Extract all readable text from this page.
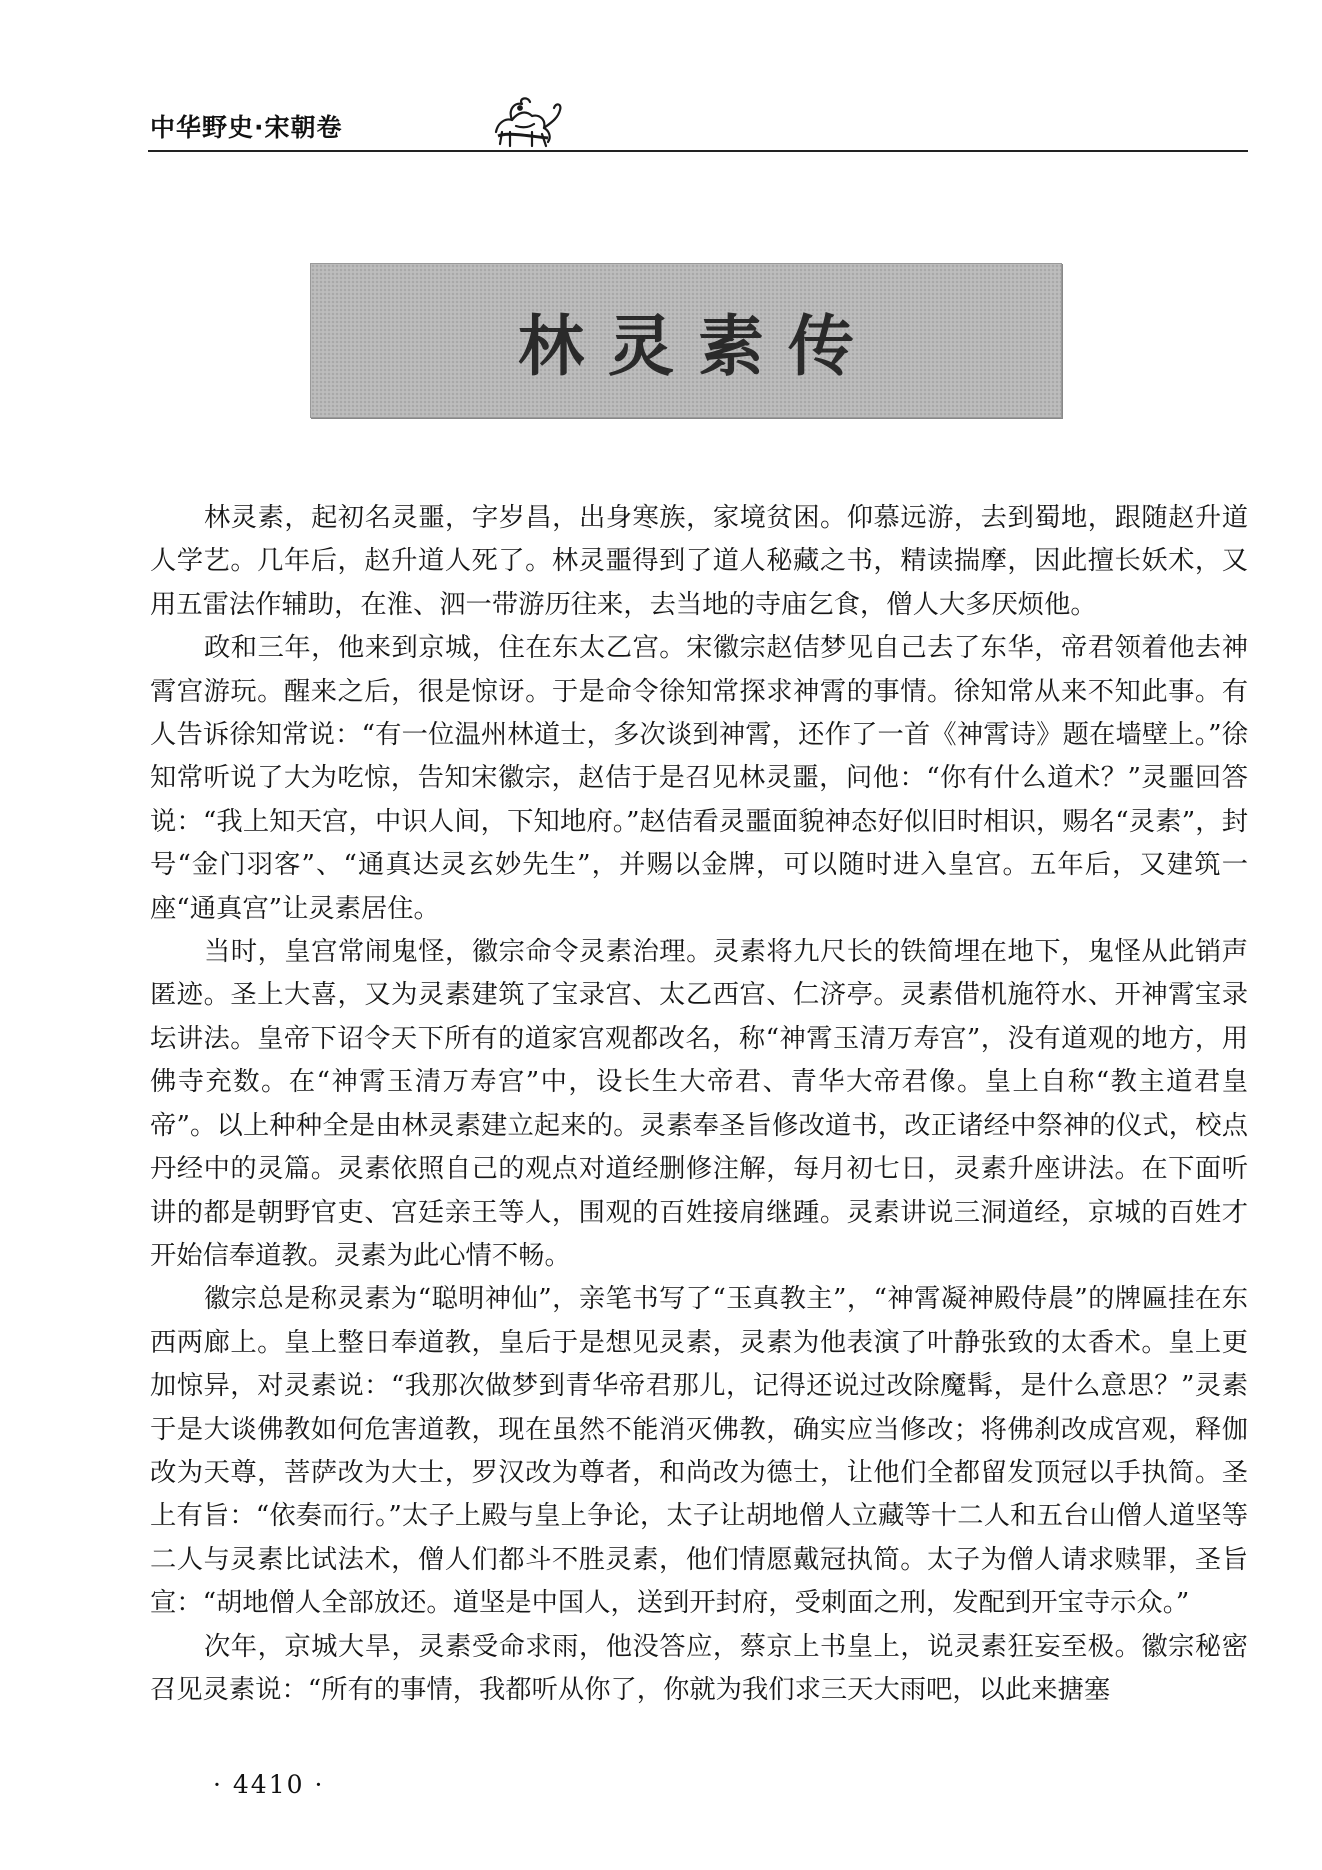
中华野史·宋朝卷
林灵素传

林灵素，起初名灵噩，字岁昌，出身寒族，家境贫困。仰慕远游，去到蜀地，跟随赵升道人学艺。几年后，赵升道人死了。林灵噩得到了道人秘藏之书，精读揣摩，因此擅长妖术，又用五雷法作辅助，在淮、泗一带游历往来，去当地的寺庙乞食，僧人大多厌烦他。

政和三年，他来到京城，住在东太乙宫。宋徽宗赵佶梦见自己去了东华，帝君领着他去神霄宫游玩。醒来之后，很是惊讶。于是命令徐知常探求神霄的事情。徐知常从来不知此事。有人告诉徐知常说：“有一位温州林道士，多次谈到神霄，还作了一首《神霄诗》题在墙壁上。”徐知常听说了大为吃惊，告知宋徽宗，赵佶于是召见林灵噩，问他：“你有什么道术？”灵噩回答说：“我上知天宫，中识人间，下知地府。”赵佶看灵噩面貌神态好似旧时相识，赐名“灵素”，封号“金门羽客”、“通真达灵玄妙先生”，并赐以金牌，可以随时进入皇宫。五年后，又建筑一座“通真宫”让灵素居住。

当时，皇宫常闹鬼怪，徽宗命令灵素治理。灵素将九尺长的铁简埋在地下，鬼怪从此销声匿迹。圣上大喜，又为灵素建筑了宝录宫、太乙西宫、仁济亭。灵素借机施符水、开神霄宝录坛讲法。皇帝下诏令天下所有的道家宫观都改名，称“神霄玉清万寿宫”，没有道观的地方，用佛寺充数。在“神霄玉清万寿宫”中，设长生大帝君、青华大帝君像。皇上自称“教主道君皇帝”。以上种种全是由林灵素建立起来的。灵素奉圣旨修改道书，改正诸经中祭神的仪式，校点丹经中的灵篇。灵素依照自己的观点对道经删修注解，每月初七日，灵素升座讲法。在下面听讲的都是朝野官吏、宫廷亲王等人，围观的百姓接肩继踵。灵素讲说三洞道经，京城的百姓才开始信奉道教。灵素为此心情不畅。

徽宗总是称灵素为“聪明神仙”，亲笔书写了“玉真教主”，“神霄凝神殿侍晨”的牌匾挂在东西两廊上。皇上整日奉道教，皇后于是想见灵素，灵素为他表演了叶静张致的太香术。皇上更加惊异，对灵素说：“我那次做梦到青华帝君那儿，记得还说过改除魔髯，是什么意思？”灵素于是大谈佛教如何危害道教，现在虽然不能消灭佛教，确实应当修改；将佛刹改成宫观，释伽改为天尊，菩萨改为大士，罗汉改为尊者，和尚改为德士，让他们全都留发顶冠以手执简。圣上有旨：“依奏而行。”太子上殿与皇上争论，太子让胡地僧人立藏等十二人和五台山僧人道坚等二人与灵素比试法术，僧人们都斗不胜灵素，他们情愿戴冠执简。太子为僧人请求赎罪，圣旨宣：“胡地僧人全部放还。道坚是中国人，送到开封府，受刺面之刑，发配到开宝寺示众。”

次年，京城大旱，灵素受命求雨，他没答应，蔡京上书皇上，说灵素狂妄至极。徽宗秘密召见灵素说：“所有的事情，我都听从你了，你就为我们求三天大雨吧，以此来搪塞

· 4410 ·
